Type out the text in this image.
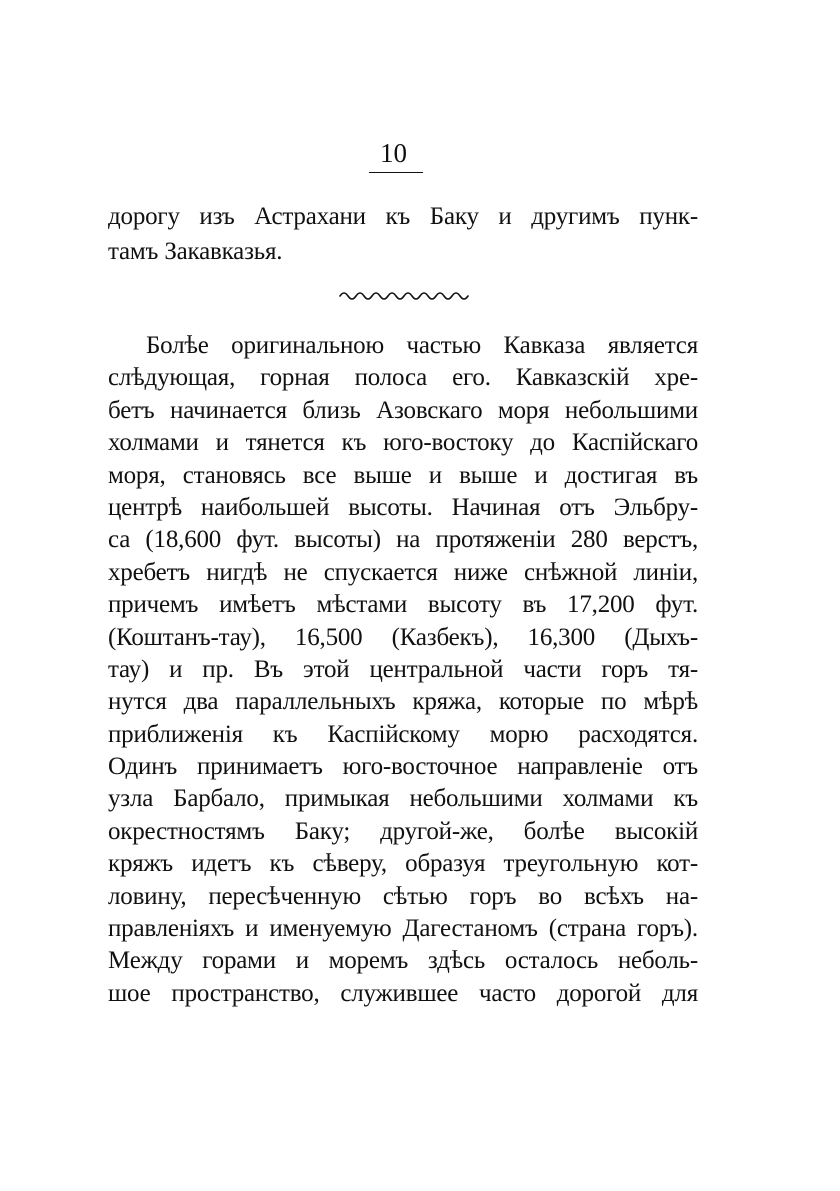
10
дорогу изъ Астрахани къ Баку и другимъ пунк-
тамъ Закавказья.
Болѣе оригинальною частью Кавказа является
слѣдующая, горная полоса его. Кавказскiй хре-
бетъ начинается близь Азовскаго моря небольшими
холмами и тянется къ юго-востоку до Каспiйскаго
моря, становясь все выше и выше и достигая въ
центрѣ наибольшей высоты. Начиная отъ Эльбру-
са (18,600 фут. высоты) на протяженiи 280 верстъ,
хребетъ нигдѣ не спускается ниже снѣжной линiи,
причемъ имѣетъ мѣстами высоту въ 17,200 фут.
(Коштанъ-тау), 16,500 (Казбекъ), 16,300 (Дыхъ-
тау) и пр. Въ этой центральной части горъ тя-
нутся два параллельныхъ кряжа, которые по мѣрѣ
приближенiя къ Каспiйскому морю расходятся.
Одинъ принимаетъ юго-восточное направленiе отъ
узла Барбало, примыкая небольшими холмами къ
окрестностямъ Баку; другой-же, болѣе высокiй
кряжъ идетъ къ сѣверу, образуя треугольную кот-
ловину, пересѣченную сѣтью горъ во всѣхъ на-
правленiяхъ и именуемую Дагестаномъ (страна горъ).
Между горами и моремъ здѣсь осталось неболь-
шое пространство, служившее часто дорогой для
